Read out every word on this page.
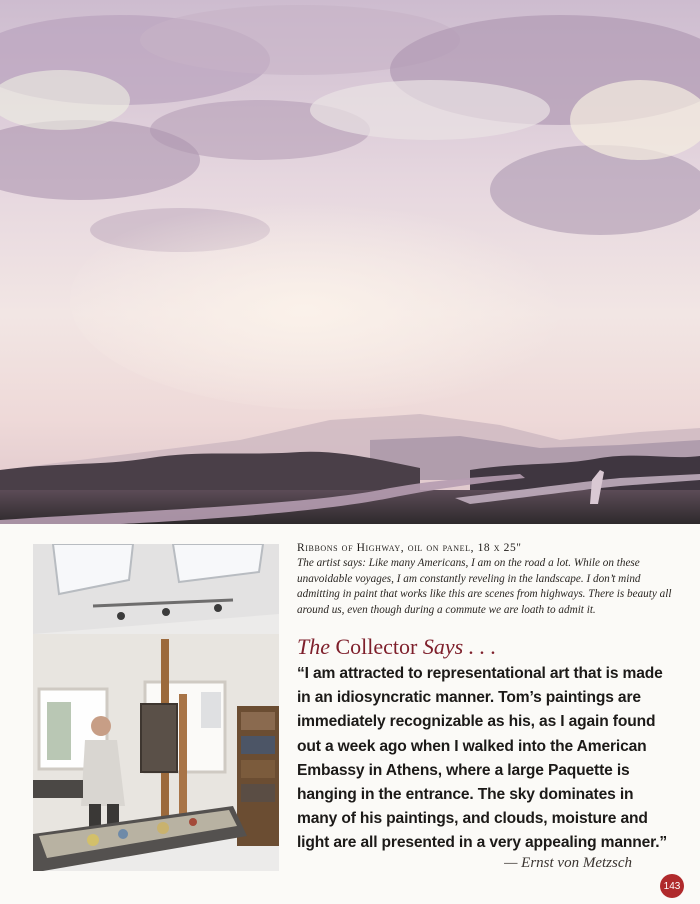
Ribbons of Highway, oil on panel, 18 x 25"
The artist says: Like many Americans, I am on the road a lot. While on these unavoidable voyages, I am constantly reveling in the landscape. I don’t mind admitting in paint that works like this are scenes from highways. There is beauty all around us, even though during a commute we are loath to admit it.
The Collector Says . . .
“I am attracted to representational art that is made in an idiosyncratic manner. Tom’s paintings are immediately recognizable as his, as I again found out a week ago when I walked into the American Embassy in Athens, where a large Paquette is hanging in the entrance. The sky dominates in many of his paintings, and clouds, moisture and light are all presented in a very appealing manner.”
— Ernst von Metzsch
143
